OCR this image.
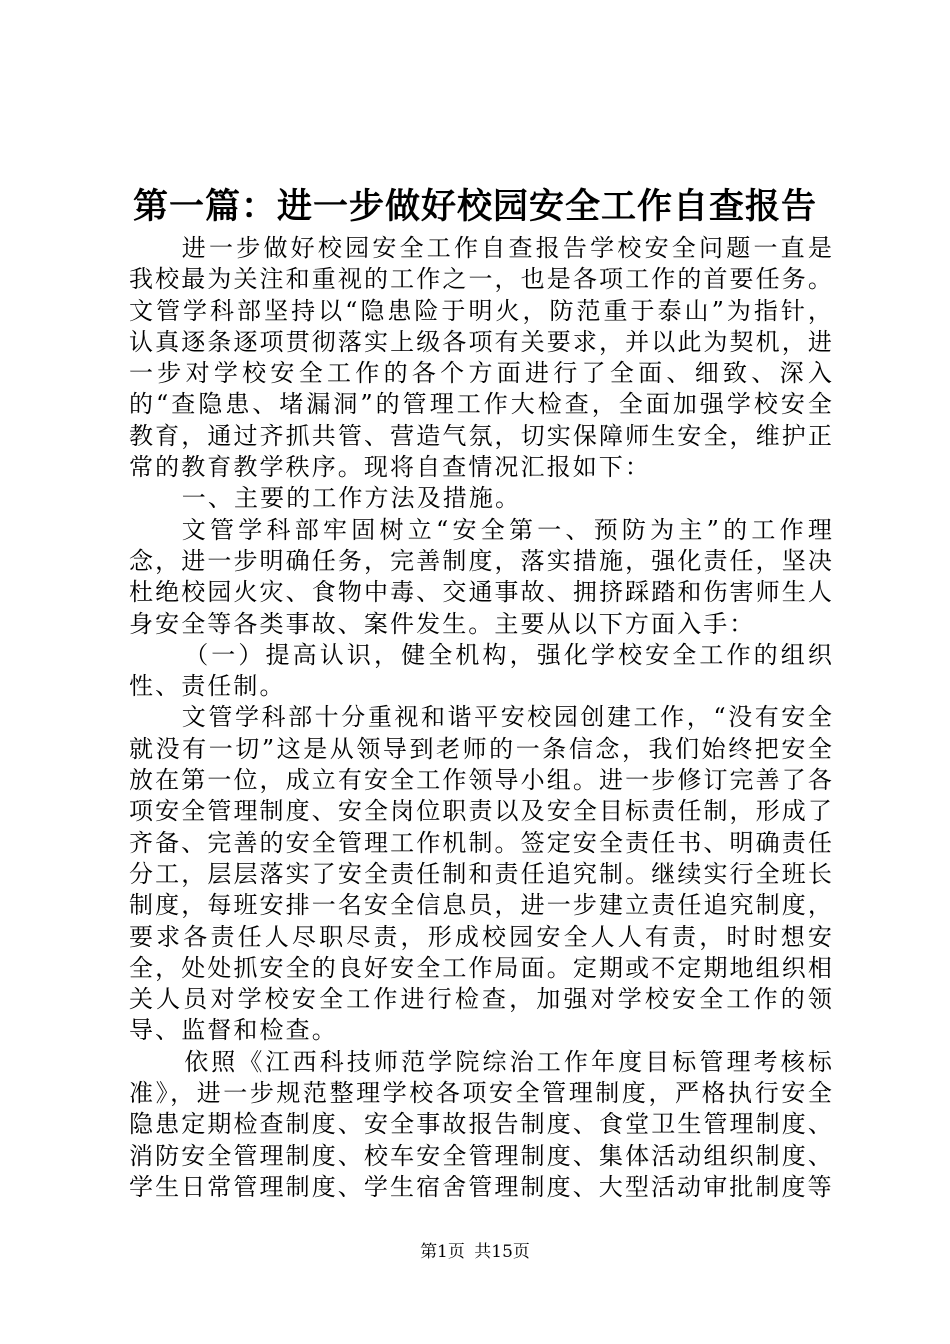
第一篇：进一步做好校园安全工作自查报告

进一步做好校园安全工作自查报告学校安全问题一直是我校最为关注和重视的工作之一，也是各项工作的首要任务。文管学科部坚持以“隐患险于明火，防范重于泰山”为指针，认真逐条逐项贯彻落实上级各项有关要求，并以此为契机，进一步对学校安全工作的各个方面进行了全面、细致、深入的“查隐患、堵漏洞”的管理工作大检查，全面加强学校安全教育，通过齐抓共管、营造气氛，切实保障师生安全，维护正常的教育教学秩序。现将自查情况汇报如下：

一、主要的工作方法及措施。

文管学科部牢固树立“安全第一、预防为主”的工作理念，进一步明确任务，完善制度，落实措施，强化责任，坚决杜绝校园火灾、食物中毒、交通事故、拥挤踩踏和伤害师生人身安全等各类事故、案件发生。主要从以下方面入手：

（一）提高认识，健全机构，强化学校安全工作的组织性、责任制。

文管学科部十分重视和谐平安校园创建工作，“没有安全就没有一切”这是从领导到老师的一条信念，我们始终把安全放在第一位，成立有安全工作领导小组。进一步修订完善了各项安全管理制度、安全岗位职责以及安全目标责任制，形成了齐备、完善的安全管理工作机制。签定安全责任书、明确责任分工，层层落实了安全责任制和责任追究制。继续实行全班长制度，每班安排一名安全信息员，进一步建立责任追究制度，要求各责任人尽职尽责，形成校园安全人人有责，时时想安全，处处抓安全的良好安全工作局面。定期或不定期地组织相关人员对学校安全工作进行检查，加强对学校安全工作的领导、监督和检查。

依照《江西科技师范学院综治工作年度目标管理考核标准》，进一步规范整理学校各项安全管理制度，严格执行安全隐患定期检查制度、安全事故报告制度、食堂卫生管理制度、消防安全管理制度、校车安全管理制度、集体活动组织制度、学生日常管理制度、学生宿舍管理制度、大型活动审批制度等

第1页 共15页
